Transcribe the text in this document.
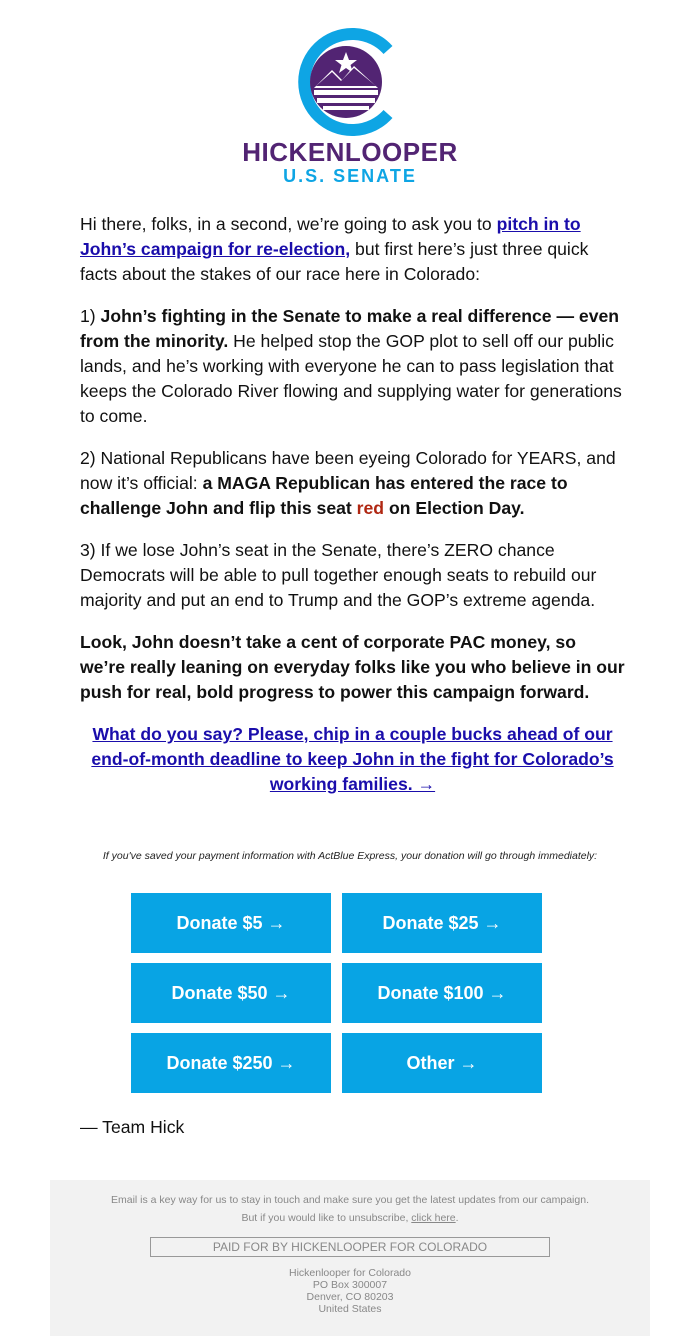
HICKENLOOPER
U.S. SENATE

Hi there, folks, in a second, we’re going to ask you to pitch in to John’s campaign for re-election, but first here’s just three quick facts about the stakes of our race here in Colorado:

1) John’s fighting in the Senate to make a real difference — even from the minority. He helped stop the GOP plot to sell off our public lands, and he’s working with everyone he can to pass legislation that keeps the Colorado River flowing and supplying water for generations to come.

2) National Republicans have been eyeing Colorado for YEARS, and now it’s official: a MAGA Republican has entered the race to challenge John and flip this seat red on Election Day.

3) If we lose John’s seat in the Senate, there’s ZERO chance Democrats will be able to pull together enough seats to rebuild our majority and put an end to Trump and the GOP’s extreme agenda.

Look, John doesn’t take a cent of corporate PAC money, so we’re really leaning on everyday folks like you who believe in our push for real, bold progress to power this campaign forward.

What do you say? Please, chip in a couple bucks ahead of our end-of-month deadline to keep John in the fight for Colorado’s working families. →

If you've saved your payment information with ActBlue Express, your donation will go through immediately:
Donate $5 →	Donate $25 →
Donate $50 →	Donate $100 →
Donate $250 →	Other →
— Team Hick
Email is a key way for us to stay in touch and make sure you get the latest updates from our campaign.
But if you would like to unsubscribe, click here.
PAID FOR BY HICKENLOOPER FOR COLORADO
Hickenlooper for Colorado
PO Box 300007
Denver, CO 80203
United States
